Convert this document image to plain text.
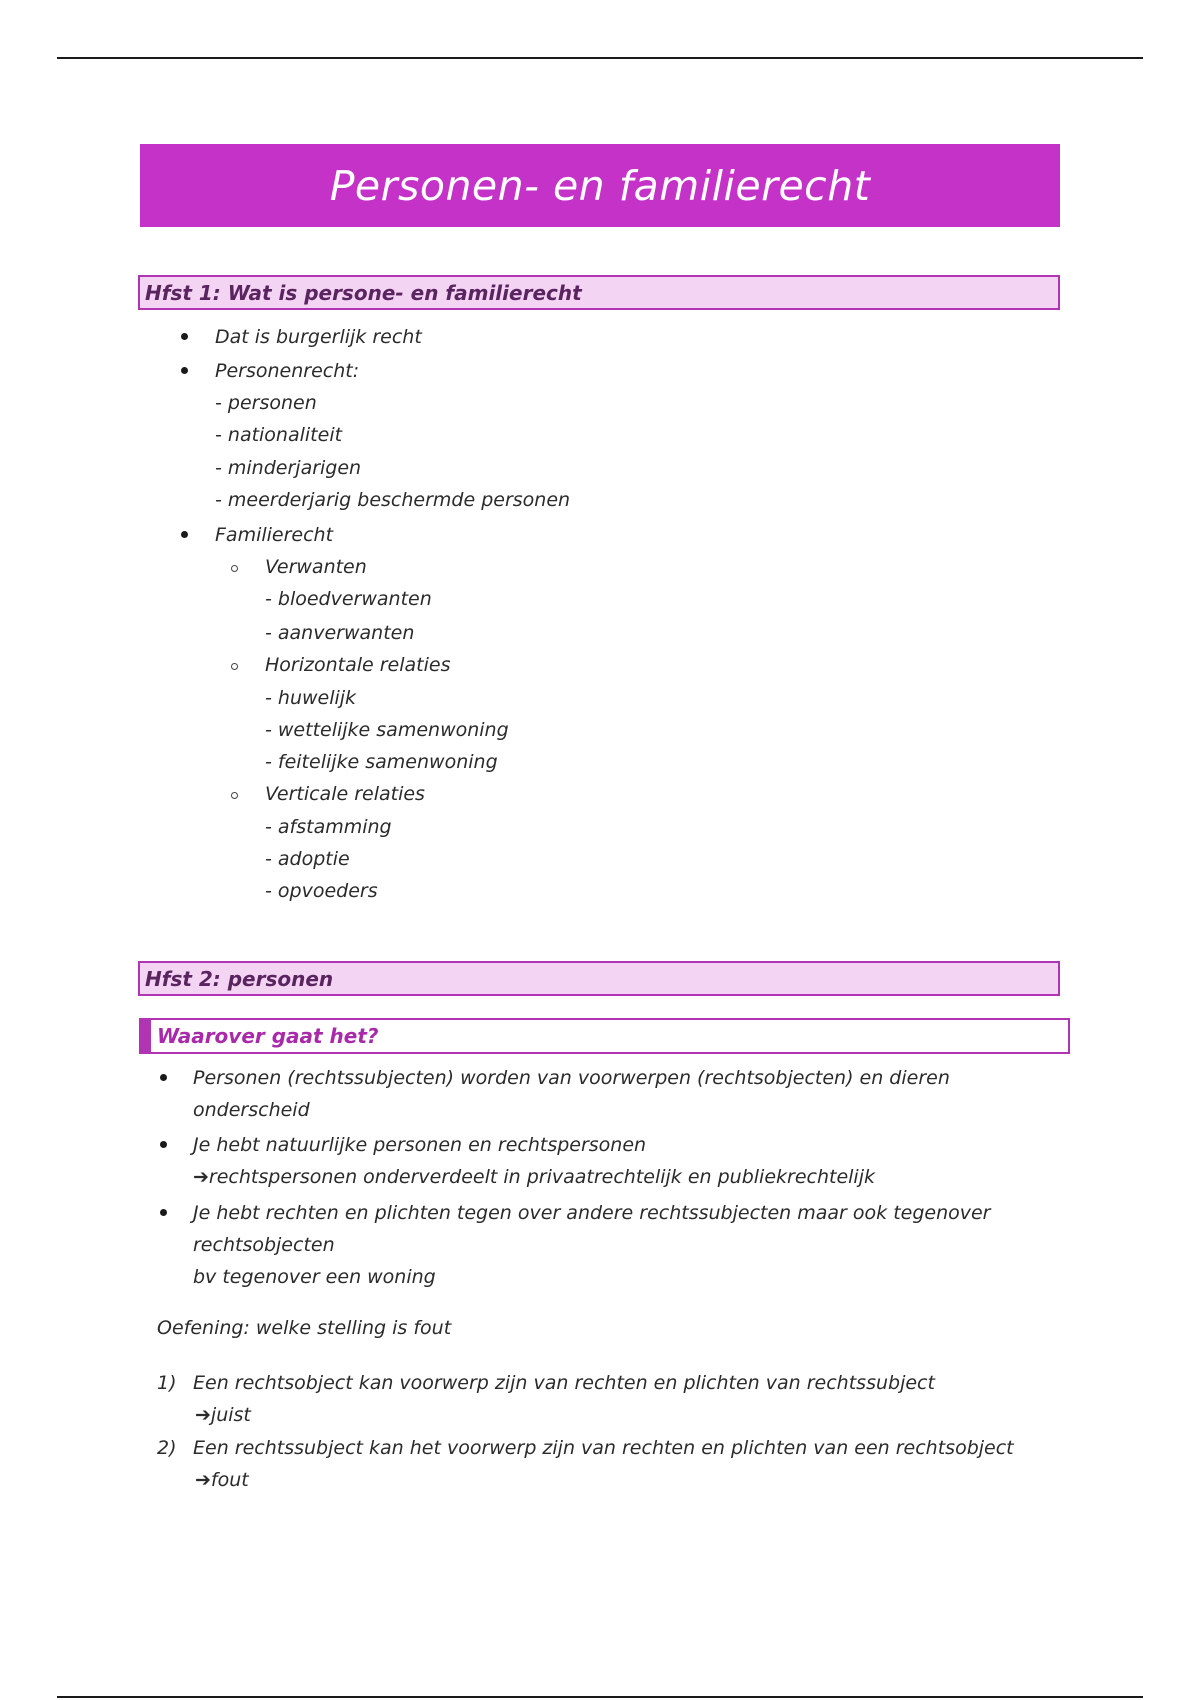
Personen- en familierecht
Hfst 1: Wat is persone- en familierecht
Dat is burgerlijk recht
Personenrecht:
- personen
- nationaliteit
- minderjarigen
- meerderjarig beschermde personen
Familierecht
Verwanten
- bloedverwanten
- aanverwanten
Horizontale relaties
- huwelijk
- wettelijke samenwoning
- feitelijke samenwoning
Verticale relaties
- afstamming
- adoptie
- opvoeders
Hfst 2: personen
Waarover gaat het?
Personen (rechtssubjecten) worden van voorwerpen (rechtsobjecten) en dieren
onderscheid
Je hebt natuurlijke personen en rechtspersonen
➔rechtspersonen onderverdeelt in privaatrechtelijk en publiekrechtelijk
Je hebt rechten en plichten tegen over andere rechtssubjecten maar ook tegenover
rechtsobjecten
bv tegenover een woning
Oefening: welke stelling is fout
1) Een rechtsobject kan voorwerp zijn van rechten en plichten van rechtssubject
➔juist
2) Een rechtssubject kan het voorwerp zijn van rechten en plichten van een rechtsobject
➔fout
